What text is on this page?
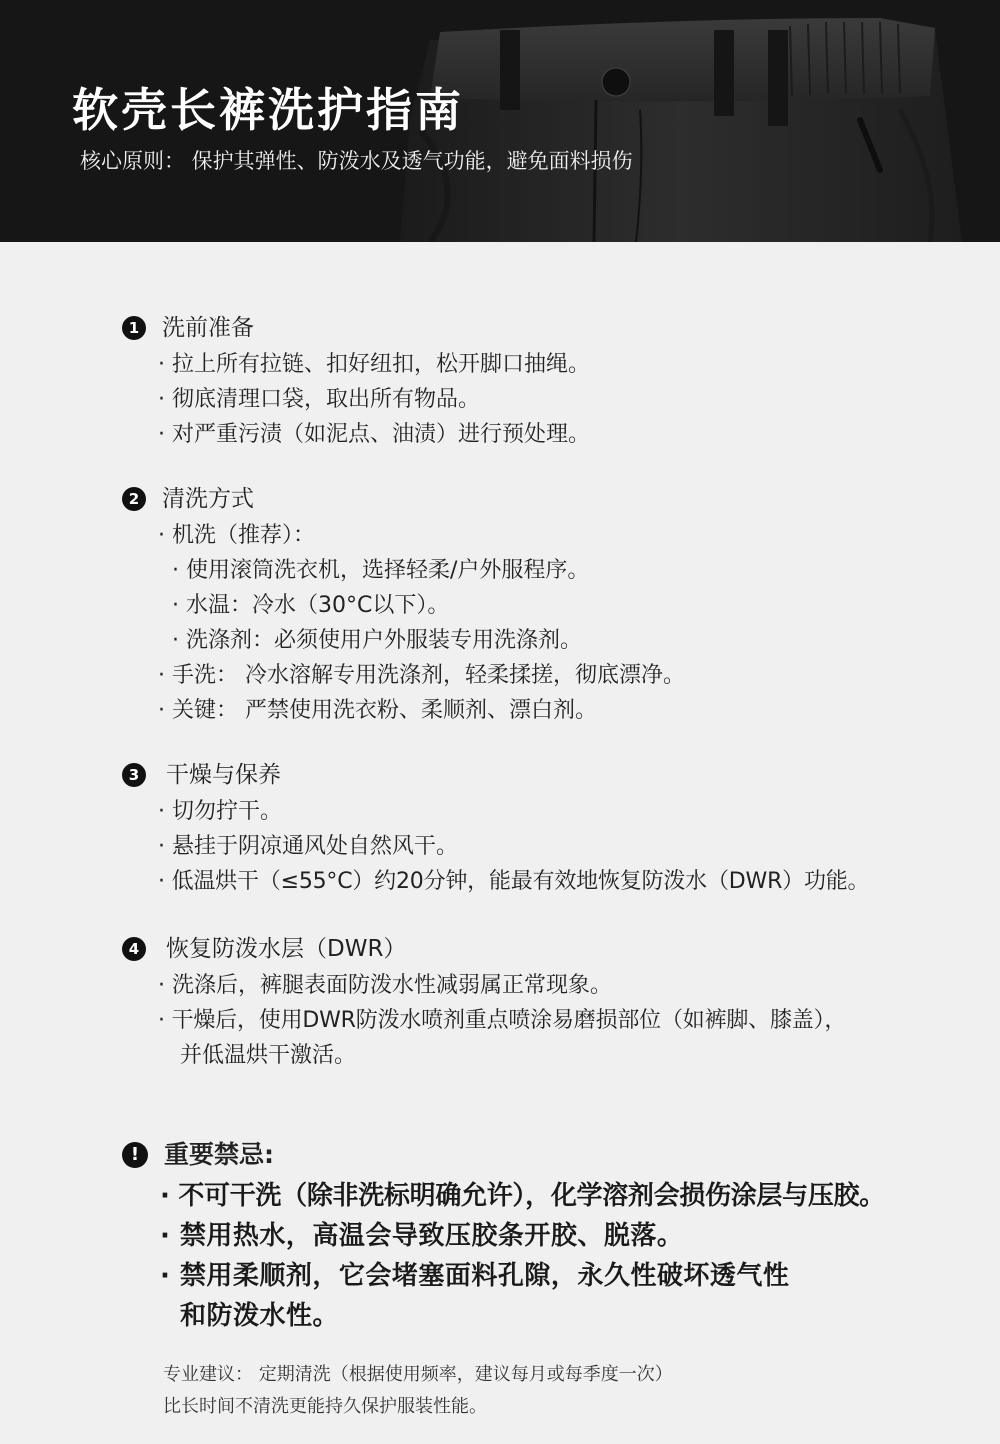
软壳长裤洗护指南
核心原则： 保护其弹性、防泼水及透气功能，避免面料损伤
1 洗前准备
· 拉上所有拉链、扣好纽扣，松开脚口抽绳。
· 彻底清理口袋，取出所有物品。
· 对严重污渍（如泥点、油渍）进行预处理。
2 清洗方式
· 机洗（推荐）：
· 使用滚筒洗衣机，选择轻柔/户外服程序。
· 水温：冷水（30°C以下）。
· 洗涤剂：必须使用户外服装专用洗涤剂。
· 手洗： 冷水溶解专用洗涤剂，轻柔揉搓，彻底漂净。
· 关键： 严禁使用洗衣粉、柔顺剂、漂白剂。
3 干燥与保养
· 切勿拧干。
· 悬挂于阴凉通风处自然风干。
· 低温烘干（≤55°C）约20分钟，能最有效地恢复防泼水（DWR）功能。
4 恢复防泼水层（DWR）
· 洗涤后，裤腿表面防泼水性减弱属正常现象。
· 干燥后，使用DWR防泼水喷剂重点喷涂易磨损部位（如裤脚、膝盖），
并低温烘干激活。
! 重要禁忌:
· 不可干洗（除非洗标明确允许），化学溶剂会损伤涂层与压胶。
· 禁用热水，高温会导致压胶条开胶、脱落。
· 禁用柔顺剂，它会堵塞面料孔隙，永久性破坏透气性
和防泼水性。
专业建议： 定期清洗（根据使用频率，建议每月或每季度一次）
比长时间不清洗更能持久保护服装性能。
